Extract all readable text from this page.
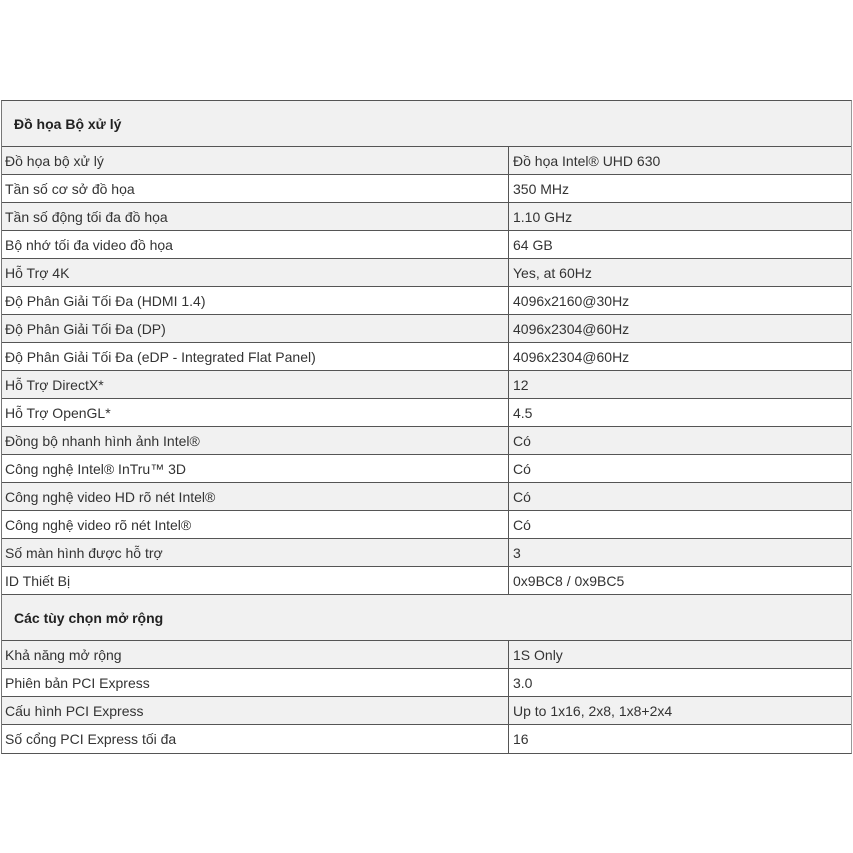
Đồ họa Bộ xử lý
Đồ họa bộ xử lý	Đồ họa Intel® UHD 630
Tần số cơ sở đồ họa	350 MHz
Tần số động tối đa đồ họa	1.10 GHz
Bộ nhớ tối đa video đồ họa	64 GB
Hỗ Trợ 4K	Yes, at 60Hz
Độ Phân Giải Tối Đa (HDMI 1.4)	4096x2160@30Hz
Độ Phân Giải Tối Đa (DP)	4096x2304@60Hz
Độ Phân Giải Tối Đa (eDP - Integrated Flat Panel)	4096x2304@60Hz
Hỗ Trợ DirectX*	12
Hỗ Trợ OpenGL*	4.5
Đồng bộ nhanh hình ảnh Intel®	Có
Công nghệ Intel® InTru™ 3D	Có
Công nghệ video HD rõ nét Intel®	Có
Công nghệ video rõ nét Intel®	Có
Số màn hình được hỗ trợ	3
ID Thiết Bị	0x9BC8 / 0x9BC5
Các tùy chọn mở rộng
Khả năng mở rộng	1S Only
Phiên bản PCI Express	3.0
Cấu hình PCI Express	Up to 1x16, 2x8, 1x8+2x4
Số cổng PCI Express tối đa	16
